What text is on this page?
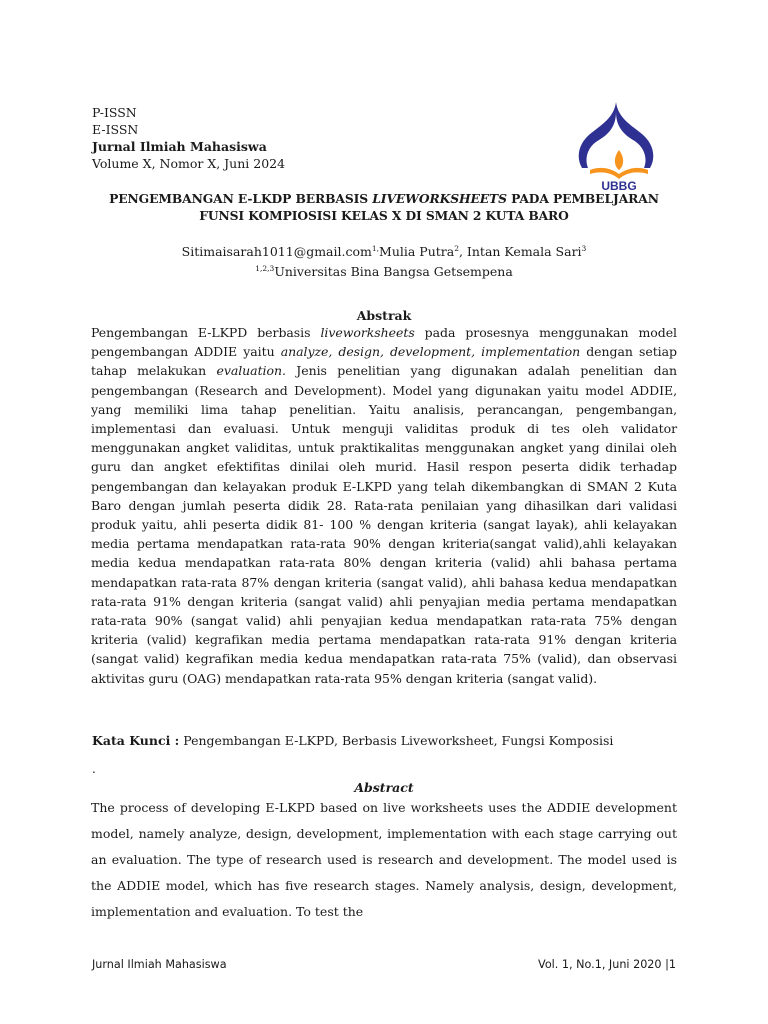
P-ISSN
E-ISSN
Jurnal Ilmiah Mahasiswa
Volume X, Nomor X, Juni 2024
UBBG
PENGEMBANGAN E-LKDP BERBASIS LIVEWORKSHEETS PADA PEMBELJARAN
FUNSI KOMPIOSISI KELAS X DI SMAN 2 KUTA BARO
Sitimaisarah1011@gmail.com$^{1,}$Mulia Putra$^2$, Intan Kemala Sari$^3$
$^{1,2,3}$Universitas Bina Bangsa Getsempena
Abstrak
Pengembangan E-LKPD berbasis liveworksheets pada prosesnya menggunakan model pengembangan ADDIE yaitu analyze, design, development, implementation dengan setiap tahap melakukan evaluation. Jenis penelitian yang digunakan adalah penelitian dan pengembangan (Research and Development). Model yang digunakan yaitu model ADDIE, yang memiliki lima tahap penelitian. Yaitu analisis, perancangan, pengembangan, implementasi dan evaluasi. Untuk menguji validitas produk di tes oleh validator menggunakan angket validitas, untuk praktikalitas menggunakan angket yang dinilai oleh guru dan angket efektifitas dinilai oleh murid. Hasil respon peserta didik terhadap pengembangan dan kelayakan produk E-LKPD yang telah dikembangkan di SMAN 2 Kuta Baro dengan jumlah peserta didik 28. Rata-rata penilaian yang dihasilkan dari validasi produk yaitu, ahli peserta didik 81- 100 % dengan kriteria (sangat layak), ahli kelayakan media pertama mendapatkan rata-rata 90% dengan kriteria(sangat valid),ahli kelayakan media kedua mendapatkan rata-rata 80% dengan kriteria (valid) ahli bahasa pertama mendapatkan rata-rata 87% dengan kriteria (sangat valid), ahli bahasa kedua mendapatkan rata-rata 91% dengan kriteria (sangat valid) ahli penyajian media pertama mendapatkan rata-rata 90% (sangat valid) ahli penyajian kedua mendapatkan rata-rata 75% dengan kriteria (valid) kegrafikan media pertama mendapatkan rata-rata 91% dengan kriteria (sangat valid) kegrafikan media kedua mendapatkan rata-rata 75% (valid), dan observasi aktivitas guru (OAG) mendapatkan rata-rata 95% dengan kriteria (sangat valid).
Kata Kunci : Pengembangan E-LKPD, Berbasis Liveworksheet, Fungsi Komposisi
.
Abstract
The process of developing E-LKPD based on live worksheets uses the ADDIE development model, namely analyze, design, development, implementation with each stage carrying out an evaluation. The type of research used is research and development. The model used is the ADDIE model, which has five research stages. Namely analysis, design, development, implementation and evaluation. To test the
Jurnal Ilmiah Mahasiswa	Vol. 1, No.1, Juni 2020 |1
